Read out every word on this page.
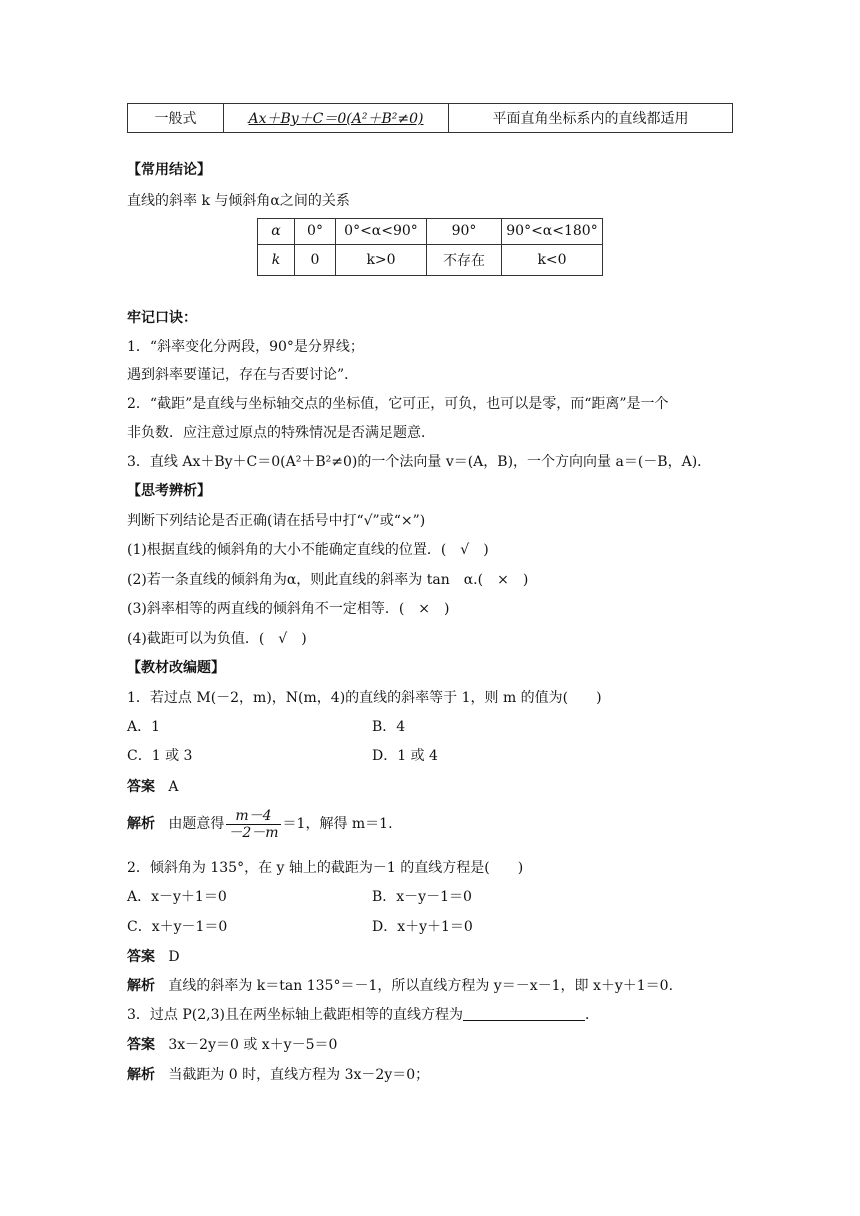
一般式	Ax＋By＋C＝0(A²＋B²≠0)	平面直角坐标系内的直线都适用
【常用结论】
直线的斜率 k 与倾斜角α之间的关系
α	0°	0°<α<90°	90°	90°<α<180°
k	0	k>0	不存在	k<0
牢记口诀：
1．“斜率变化分两段，90°是分界线；
遇到斜率要谨记，存在与否要讨论”．
2．“截距”是直线与坐标轴交点的坐标值，它可正，可负，也可以是零，而“距离”是一个
非负数．应注意过原点的特殊情况是否满足题意．
3．直线 Ax＋By＋C＝0(A²＋B²≠0)的一个法向量 v＝(A，B)，一个方向向量 a＝(－B，A)．
【思考辨析】
判断下列结论是否正确(请在括号中打“√”或“×”)
(1)根据直线的倾斜角的大小不能确定直线的位置．(　√　)
(2)若一条直线的倾斜角为α，则此直线的斜率为 tan　α.(　×　)
(3)斜率相等的两直线的倾斜角不一定相等．(　×　)
(4)截距可以为负值．(　√　)
【教材改编题】
1．若过点 M(－2，m)，N(m，4)的直线的斜率等于 1，则 m 的值为(　　)
A．1	B．4
C．1 或 3	D．1 或 4
答案 A
解析 由题意得 $\frac{m-4}{-2-m} =1$，解得 m＝1.
2．倾斜角为 135°，在 y 轴上的截距为－1 的直线方程是(　　)
A．x－y＋1＝0	B．x－y－1＝0
C．x＋y－1＝0	D．x＋y＋1＝0
答案 D
解析 直线的斜率为 k＝tan 135°＝－1，所以直线方程为 y＝－x－1，即 x＋y＋1＝0.
3．过点 P(2,3)且在两坐标轴上截距相等的直线方程为	．
答案 3x－2y＝0 或 x＋y－5＝0
解析 当截距为 0 时，直线方程为 3x－2y＝0；
